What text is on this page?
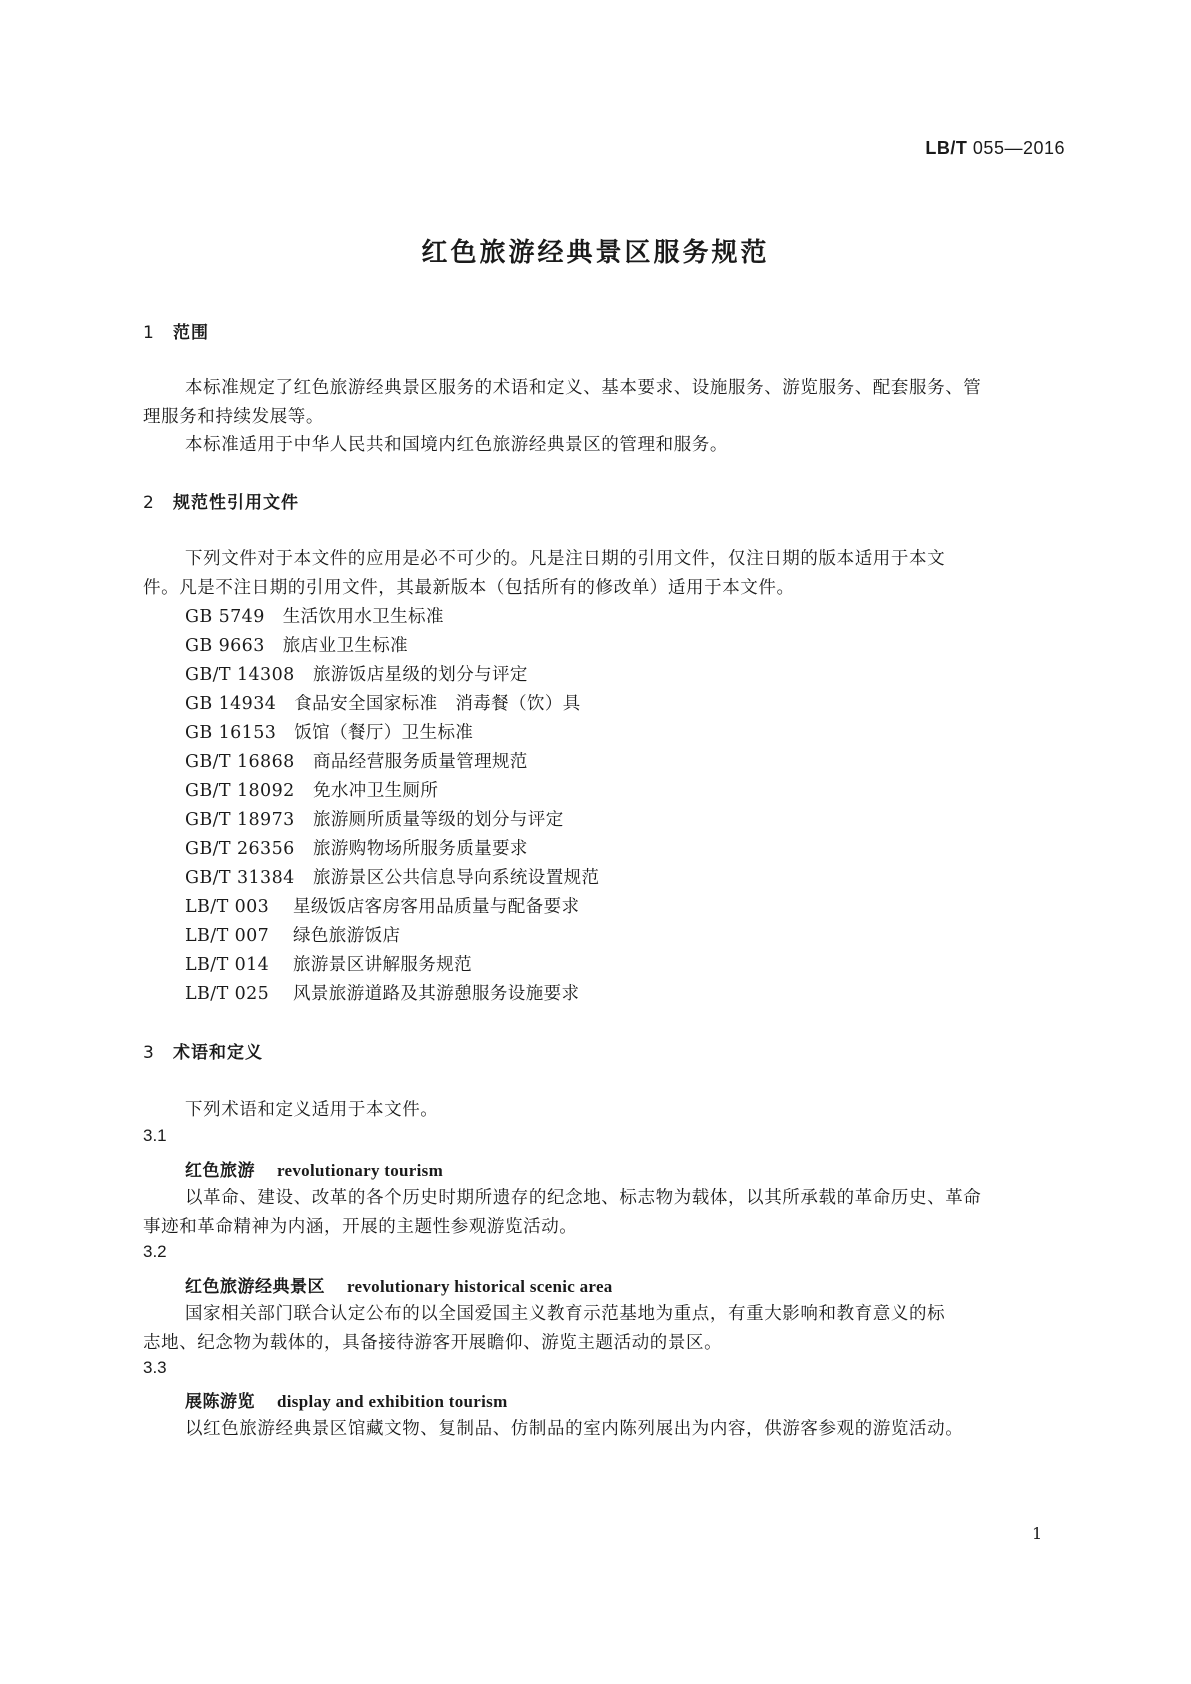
LB/T 055—2016
红色旅游经典景区服务规范
1 范围
本标准规定了红色旅游经典景区服务的术语和定义、基本要求、设施服务、游览服务、配套服务、管
理服务和持续发展等。
本标准适用于中华人民共和国境内红色旅游经典景区的管理和服务。
2 规范性引用文件
下列文件对于本文件的应用是必不可少的。凡是注日期的引用文件，仅注日期的版本适用于本文
件。凡是不注日期的引用文件，其最新版本（包括所有的修改单）适用于本文件。
GB 5749 生活饮用水卫生标准
GB 9663 旅店业卫生标准
GB/T 14308 旅游饭店星级的划分与评定
GB 14934 食品安全国家标准　消毒餐（饮）具
GB 16153 饭馆（餐厅）卫生标准
GB/T 16868 商品经营服务质量管理规范
GB/T 18092 免水冲卫生厕所
GB/T 18973 旅游厕所质量等级的划分与评定
GB/T 26356 旅游购物场所服务质量要求
GB/T 31384 旅游景区公共信息导向系统设置规范
LB/T 003 星级饭店客房客用品质量与配备要求
LB/T 007 绿色旅游饭店
LB/T 014 旅游景区讲解服务规范
LB/T 025 风景旅游道路及其游憩服务设施要求
3 术语和定义
下列术语和定义适用于本文件。
3.1
红色旅游 revolutionary tourism
以革命、建设、改革的各个历史时期所遗存的纪念地、标志物为载体，以其所承载的革命历史、革命
事迹和革命精神为内涵，开展的主题性参观游览活动。
3.2
红色旅游经典景区 revolutionary historical scenic area
国家相关部门联合认定公布的以全国爱国主义教育示范基地为重点，有重大影响和教育意义的标
志地、纪念物为载体的，具备接待游客开展瞻仰、游览主题活动的景区。
3.3
展陈游览 display and exhibition tourism
以红色旅游经典景区馆藏文物、复制品、仿制品的室内陈列展出为内容，供游客参观的游览活动。
1
